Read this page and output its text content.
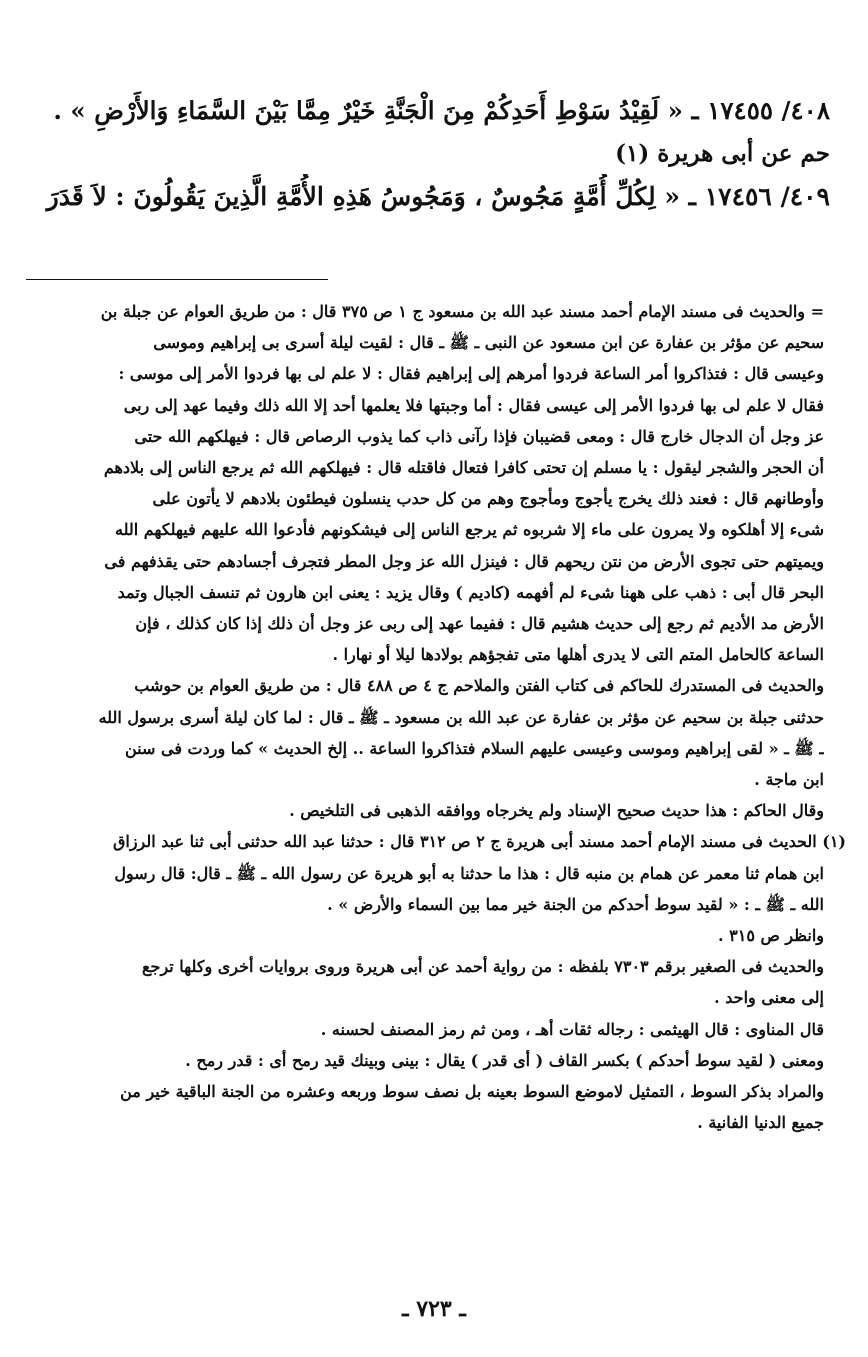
٤٠٨/ ١٧٤٥٥ ـ « لَقِيْدُ سَوْطِ أَحَدِكُمْ مِنَ الْجَنَّةِ خَيْرٌ مِمَّا بَيْنَ السَّمَاءِ وَالأَرْضِ » .

حم عن أبى هريرة (١)

٤٠٩/ ١٧٤٥٦ ـ « لِكُلِّ أُمَّةٍ مَجُوسٌ ، وَمَجُوسُ هَذِهِ الأُمَّةِ الَّذِينَ يَقُولُونَ : لاَ قَدَرَ

= والحديث فى مسند الإمام أحمد مسند عبد الله بن مسعود ج ١ ص ٣٧٥ قال : من طريق العوام عن جبلة بن

سحيم عن مؤثر بن عفارة عن ابن مسعود عن النبى ـ ﷺ ـ قال : لقيت ليلة أسرى بى إبراهيم وموسى

وعيسى قال : فتذاكروا أمر الساعة فردوا أمرهم إلى إبراهيم فقال : لا علم لى بها فردوا الأمر إلى موسى :

فقال لا علم لى بها فردوا الأمر إلى عيسى فقال : أما وجبتها فلا يعلمها أحد إلا الله ذلك وفيما عهد إلى ربى

عز وجل أن الدجال خارج قال : ومعى قضيبان فإذا رآنى ذاب كما يذوب الرصاص قال : فيهلكهم الله حتى

أن الحجر والشجر ليقول : يا مسلم إن تحتى كافرا فتعال فاقتله قال : فيهلكهم الله ثم يرجع الناس إلى بلادهم

وأوطانهم قال : فعند ذلك يخرج يأجوج ومأجوج وهم من كل حدب ينسلون فيطئون بلادهم لا يأتون على

شىء إلا أهلكوه ولا يمرون على ماء إلا شربوه ثم يرجع الناس إلى فيشكونهم فأدعوا الله عليهم فيهلكهم الله

ويميتهم حتى تجوى الأرض من نتن ريحهم قال : فينزل الله عز وجل المطر فتجرف أجسادهم حتى يقذفهم فى

البحر قال أبى : ذهب على ههنا شىء لم أفهمه (كاديم ) وقال يزيد : يعنى ابن هارون ثم تنسف الجبال وتمد

الأرض مد الأديم ثم رجع إلى حديث هشيم قال : ففيما عهد إلى ربى عز وجل أن ذلك إذا كان كذلك ، فإن

الساعة كالحامل المتم التى لا يدرى أهلها متى تفجؤهم بولادها ليلا أو نهارا .

والحديث فى المستدرك للحاكم فى كتاب الفتن والملاحم ج ٤ ص ٤٨٨ قال : من طريق العوام بن حوشب

حدثنى جبلة بن سحيم عن مؤثر بن عفارة عن عبد الله بن مسعود ـ ﷺ ـ قال : لما كان ليلة أسرى برسول الله

ـ ﷺ ـ « لقى إبراهيم وموسى وعيسى عليهم السلام فتذاكروا الساعة .. إلخ الحديث » كما وردت فى سنن

ابن ماجة .

وقال الحاكم : هذا حديث صحيح الإسناد ولم يخرجاه ووافقه الذهبى فى التلخيص .

(١) الحديث فى مسند الإمام أحمد مسند أبى هريرة ج ٢ ص ٣١٢ قال : حدثنا عبد الله حدثنى أبى ثنا عبد الرزاق

ابن همام ثنا معمر عن همام بن منبه قال : هذا ما حدثنا به أبو هريرة عن رسول الله ـ ﷺ ـ قال: قال رسول

الله ـ ﷺ ـ : « لقيد سوط أحدكم من الجنة خير مما بين السماء والأرض » .

وانظر ص ٣١٥ .

والحديث فى الصغير برقم ٧٣٠٣ بلفظه : من رواية أحمد عن أبى هريرة وروى بروايات أخرى وكلها ترجع

إلى معنى واحد .

قال المناوى : قال الهيثمى : رجاله ثقات أهـ ، ومن ثم رمز المصنف لحسنه .

ومعنى ( لقيد سوط أحدكم ) بكسر القاف ( أى قدر ) يقال : بينى وبينك قيد رمح أى : قدر رمح .

والمراد بذكر السوط ، التمثيل لاموضع السوط بعينه بل نصف سوط وربعه وعشره من الجنة الباقية خير من

جميع الدنيا الفانية .

ـ ٧٢٣ ـ
